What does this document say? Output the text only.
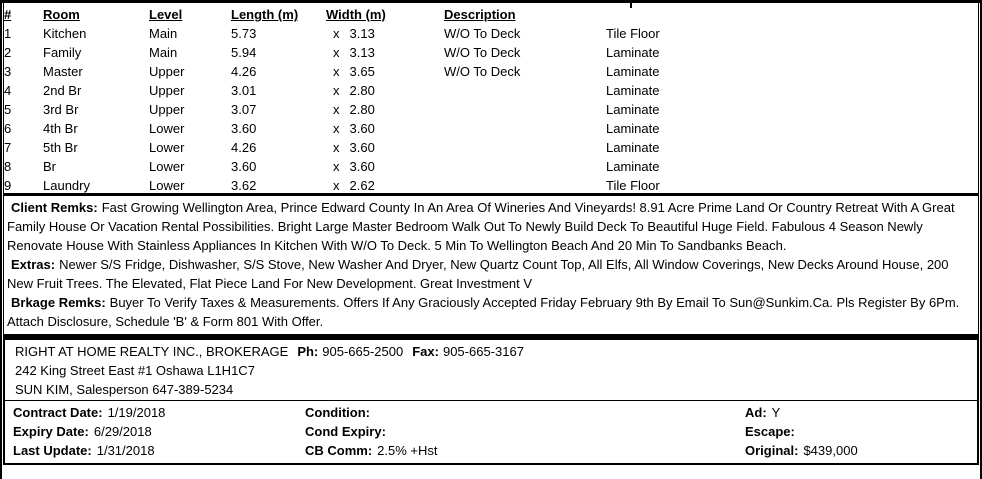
#	Room	Level	Length (m)	Width (m)	Description	
1	Kitchen	Main	5.73	x 3.13	W/O To Deck	Tile Floor
2	Family	Main	5.94	x 3.13	W/O To Deck	Laminate
3	Master	Upper	4.26	x 3.65	W/O To Deck	Laminate
4	2nd Br	Upper	3.01	x 2.80		Laminate
5	3rd Br	Upper	3.07	x 2.80		Laminate
6	4th Br	Lower	3.60	x 3.60		Laminate
7	5th Br	Lower	4.26	x 3.60		Laminate
8	Br	Lower	3.60	x 3.60		Laminate
9	Laundry	Lower	3.62	x 2.62		Tile Floor

Client Remks: Fast Growing Wellington Area, Prince Edward County In An Area Of Wineries And Vineyards! 8.91 Acre Prime Land Or Country Retreat With A Great Family House Or Vacation Rental Possibilities. Bright Large Master Bedroom Walk Out To Newly Build Deck To Beautiful Huge Field. Fabulous 4 Season Newly Renovate House With Stainless Appliances In Kitchen With W/O To Deck. 5 Min To Wellington Beach And 20 Min To Sandbanks Beach.

Extras: Newer S/S Fridge, Dishwasher, S/S Stove, New Washer And Dryer, New Quartz Count Top, All Elfs, All Window Coverings, New Decks Around House, 200 New Fruit Trees. The Elevated, Flat Piece Land For New Development. Great Investment V

Brkage Remks: Buyer To Verify Taxes & Measurements. Offers If Any Graciously Accepted Friday February 9th By Email To Sun@Sunkim.Ca. Pls Register By 6Pm. Attach Disclosure, Schedule 'B' & Form 801 With Offer.

RIGHT AT HOME REALTY INC., BROKERAGE Ph: 905-665-2500 Fax: 905-665-3167
242 King Street East #1 Oshawa L1H1C7
SUN KIM, Salesperson 647-389-5234
Contract Date: 1/19/2018	Condition:	Ad: Y
Expiry Date: 6/29/2018	Cond Expiry:	Escape:
Last Update: 1/31/2018	CB Comm: 2.5% +Hst	Original: $439,000
